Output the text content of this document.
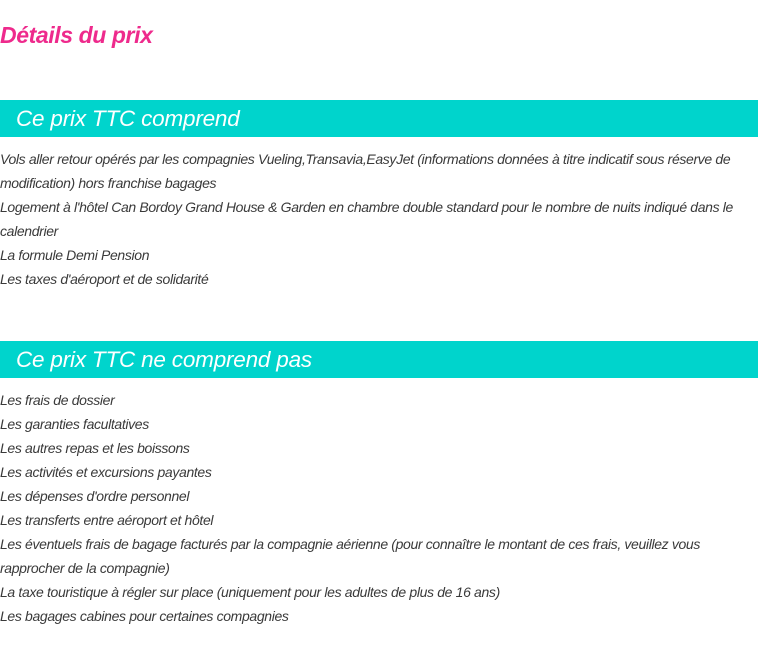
Détails du prix
Ce prix TTC comprend
Vols aller retour opérés par les compagnies Vueling,Transavia,EasyJet (informations données à titre indicatif sous réserve de modification) hors franchise bagages
Logement à l'hôtel Can Bordoy Grand House & Garden en chambre double standard pour le nombre de nuits indiqué dans le calendrier
La formule Demi Pension
Les taxes d'aéroport et de solidarité
Ce prix TTC ne comprend pas
Les frais de dossier
Les garanties facultatives
Les autres repas et les boissons
Les activités et excursions payantes
Les dépenses d'ordre personnel
Les transferts entre aéroport et hôtel
Les éventuels frais de bagage facturés par la compagnie aérienne (pour connaître le montant de ces frais, veuillez vous rapprocher de la compagnie)
La taxe touristique à régler sur place (uniquement pour les adultes de plus de 16 ans)
Les bagages cabines pour certaines compagnies
